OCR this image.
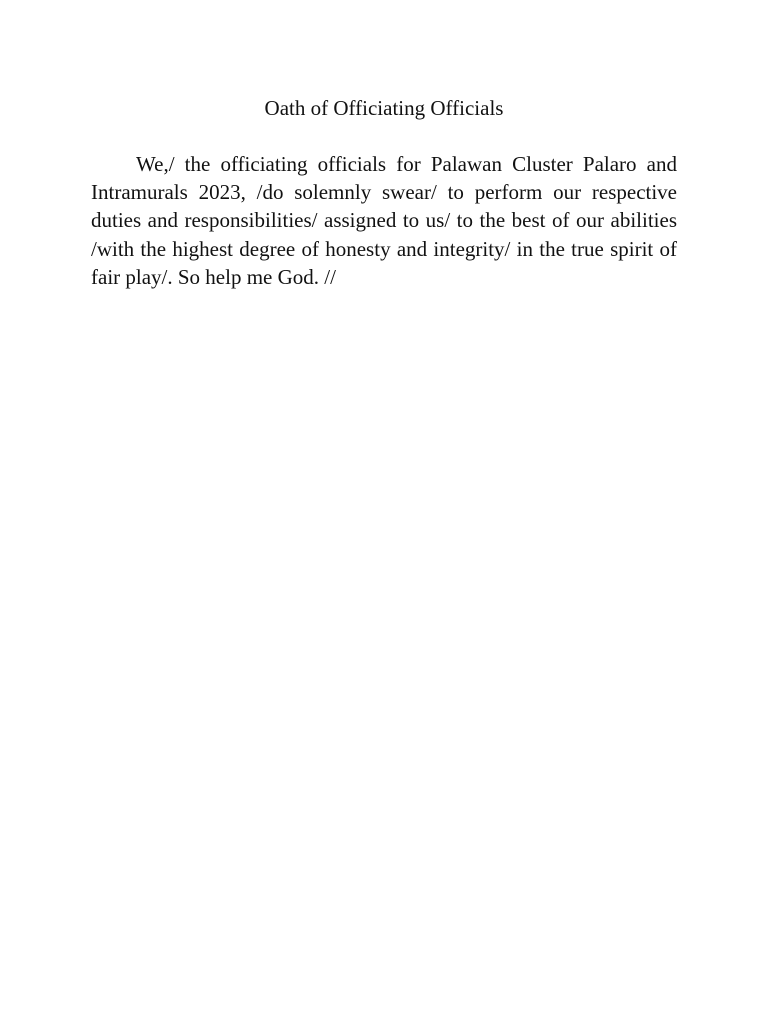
Oath of Officiating Officials

We,/ the officiating officials for Palawan Cluster Palaro and Intramurals 2023, /do solemnly swear/ to perform our respective duties and responsibilities/ assigned to us/ to the best of our abilities /with the highest degree of honesty and integrity/ in the true spirit of fair play/. So help me God. //
